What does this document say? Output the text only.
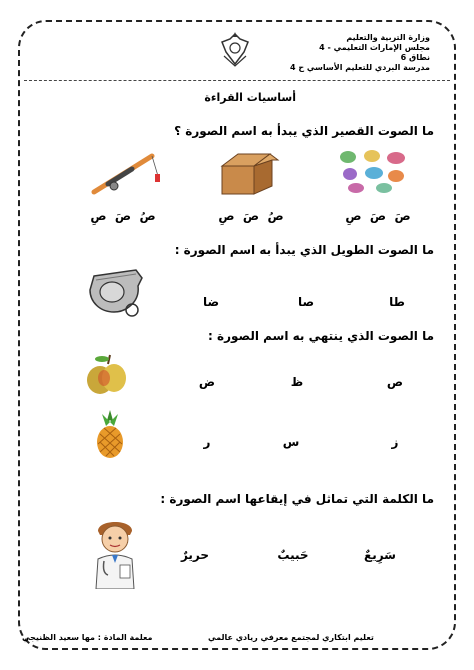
وزارة التربية والتعليم
مجلس الإمارات التعليمي - 4
نطاق 6
مدرسة البردي للتعليم الأساسي ح 4
أساسيات القراءة
ما الصوت القصير الذي يبدأ به اسم الصورة ؟
صَ  صَ  صِ
صُ  صَ  صِ
صُ  صَ  صِ
ما الصوت الطويل الذي يبدأ به اسم الصورة :
طا
صا
ضا
ما الصوت الذي ينتهي به اسم الصورة :
ص
ظ
ض
ز
س
ر
ما الكلمة التي تماثل في إيقاعها اسم الصورة :
سَرِيعٌ
حَبيبٌ
حريرٌ
معلمة المادة : مها سعيد الظنيجي	تعليم ابتكاري لمجتمع معرفي ريادي عالمي
